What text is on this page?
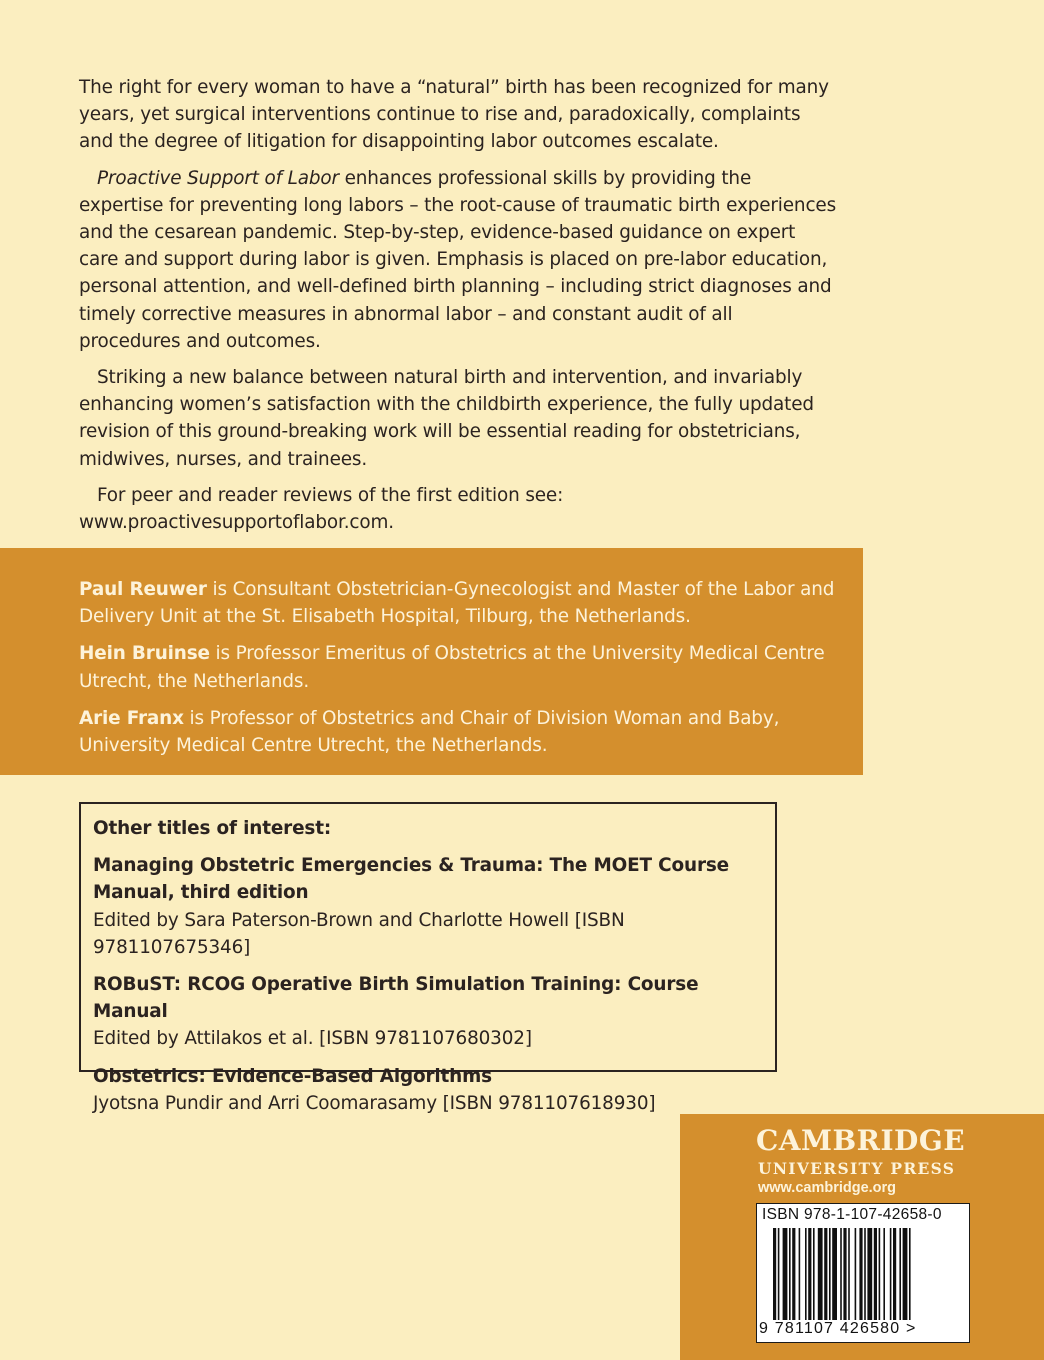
The right for every woman to have a “natural” birth has been recognized for many years, yet surgical interventions continue to rise and, paradoxically, complaints and the degree of litigation for disappointing labor outcomes escalate.

Proactive Support of Labor enhances professional skills by providing the expertise for preventing long labors – the root-cause of traumatic birth experiences and the cesarean pandemic. Step-by-step, evidence-based guidance on expert care and support during labor is given. Emphasis is placed on pre-labor education, personal attention, and well-defined birth planning – including strict diagnoses and timely corrective measures in abnormal labor – and constant audit of all procedures and outcomes.

Striking a new balance between natural birth and intervention, and invariably enhancing women’s satisfaction with the childbirth experience, the fully updated revision of this ground-breaking work will be essential reading for obstetricians, midwives, nurses, and trainees.

For peer and reader reviews of the first edition see: www.proactivesupportoflabor.com.

Paul Reuwer is Consultant Obstetrician-Gynecologist and Master of the Labor and Delivery Unit at the St. Elisabeth Hospital, Tilburg, the Netherlands.

Hein Bruinse is Professor Emeritus of Obstetrics at the University Medical Centre Utrecht, the Netherlands.

Arie Franx is Professor of Obstetrics and Chair of Division Woman and Baby, University Medical Centre Utrecht, the Netherlands.

Other titles of interest:
Managing Obstetric Emergencies & Trauma: The MOET Course Manual, third edition
Edited by Sara Paterson-Brown and Charlotte Howell [ISBN 9781107675346]
ROBuST: RCOG Operative Birth Simulation Training: Course Manual
Edited by Attilakos et al. [ISBN 9781107680302]
Obstetrics: Evidence-Based Algorithms
Jyotsna Pundir and Arri Coomarasamy [ISBN 9781107618930]
CAMBRIDGE
UNIVERSITY PRESS
www.cambridge.org
ISBN 978-1-107-42658-0
9 781107 426580 >
